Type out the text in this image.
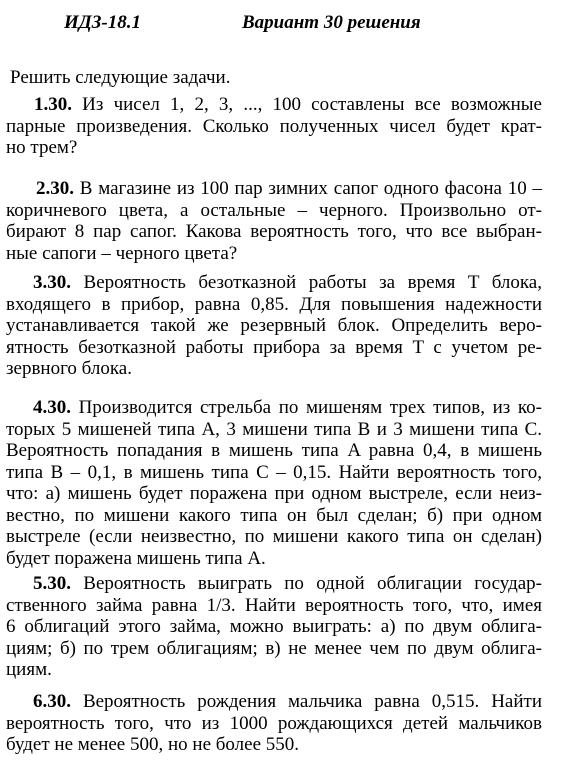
ИДЗ-18.1	Вариант 30 решения
Решить следующие задачи.
1.30. Из чисел 1, 2, 3, ..., 100 составлены все возможные
парные произведения. Сколько полученных чисел будет крат-
но трем?
2.30. В магазине из 100 пар зимних сапог одного фасона 10 –
коричневого цвета, а остальные – черного. Произвольно от-
бирают 8 пар сапог. Какова вероятность того, что все выбран-
ные сапоги – черного цвета?
3.30. Вероятность безотказной работы за время T блока,
входящего в прибор, равна 0,85. Для повышения надежности
устанавливается такой же резервный блок. Определить веро-
ятность безотказной работы прибора за время T с учетом ре-
зервного блока.
4.30. Производится стрельба по мишеням трех типов, из ко-
торых 5 мишеней типа A, 3 мишени типа B и 3 мишени типа C.
Вероятность попадания в мишень типа A равна 0,4, в мишень
типа B – 0,1, в мишень типа C – 0,15. Найти вероятность того,
что: а) мишень будет поражена при одном выстреле, если неиз-
вестно, по мишени какого типа он был сделан; б) при одном
выстреле (если неизвестно, по мишени какого типа он сделан)
будет поражена мишень типа A.
5.30. Вероятность выиграть по одной облигации государ-
ственного займа равна 1/3. Найти вероятность того, что, имея
6 облигаций этого займа, можно выиграть: а) по двум облига-
циям; б) по трем облигациям; в) не менее чем по двум облига-
циям.
6.30. Вероятность рождения мальчика равна 0,515. Найти
вероятность того, что из 1000 рождающихся детей мальчиков
будет не менее 500, но не более 550.
